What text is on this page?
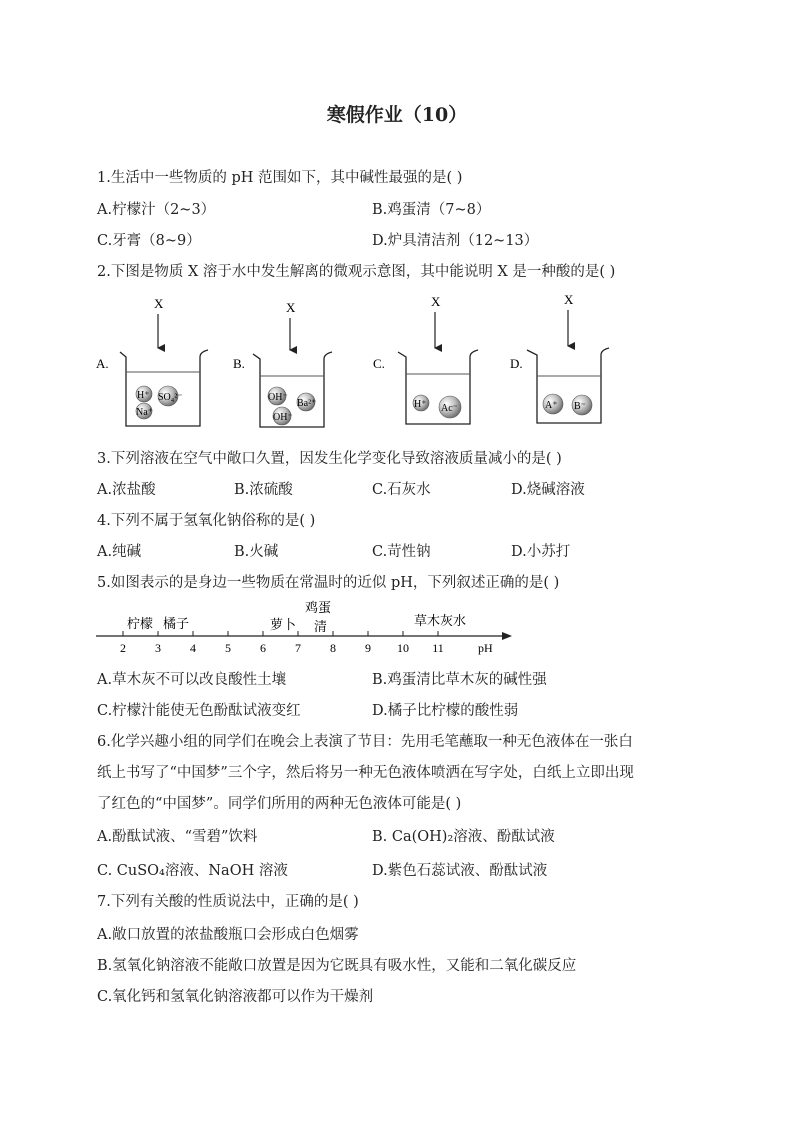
寒假作业（10）
1.生活中一些物质的 pH 范围如下，其中碱性最强的是( )
A.柠檬汁（2~3）	B.鸡蛋清（7~8）
C.牙膏（8~9）	D.炉具清洁剂（12~13）
2.下图是物质 X 溶于水中发生解离的微观示意图，其中能说明 X 是一种酸的是( )
A.
X
H⁺ SO₄²⁻
Na⁺
B.
X
OH⁻
Ba²⁺
OH⁻
C.
X
H⁺ Ac⁻
D.
X
A⁺ B⁻
3.下列溶液在空气中敞口久置，因发生化学变化导致溶液质量减小的是( )
A.浓盐酸	B.浓硫酸	C.石灰水	D.烧碱溶液
4.下列不属于氢氧化钠俗称的是( )
A.纯碱	B.火碱	C.苛性钠	D.小苏打
5.如图表示的是身边一些物质在常温时的近似 pH，下列叙述正确的是( )
2 3 4 5 6 7 8 9 10 11	pH
柠檬 橘子	萝卜
鸡蛋
清	草木灰水
A.草木灰不可以改良酸性土壤	B.鸡蛋清比草木灰的碱性强
C.柠檬汁能使无色酚酞试液变红	D.橘子比柠檬的酸性弱
6.化学兴趣小组的同学们在晚会上表演了节目：先用毛笔蘸取一种无色液体在一张白
纸上书写了“中国梦”三个字，然后将另一种无色液体喷洒在写字处，白纸上立即出现
了红色的“中国梦”。同学们所用的两种无色液体可能是( )
A.酚酞试液、“雪碧”饮料	B. Ca(OH)₂溶液、酚酞试液
C. CuSO₄溶液、NaOH 溶液	D.紫色石蕊试液、酚酞试液
7.下列有关酸的性质说法中，正确的是( )
A.敞口放置的浓盐酸瓶口会形成白色烟雾
B.氢氧化钠溶液不能敞口放置是因为它既具有吸水性，又能和二氧化碳反应
C.氧化钙和氢氧化钠溶液都可以作为干燥剂
